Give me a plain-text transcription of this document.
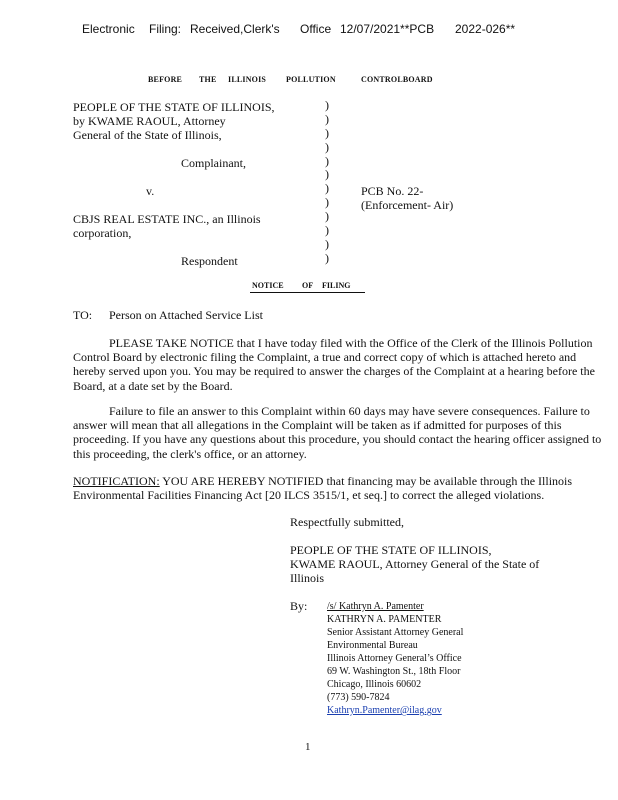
Electronic Filing: Received,Clerk's Office 12/07/2021**PCB 2022-026**
BEFORE THE ILLINOIS POLLUTION	CONTROLBOARD
PEOPLE OF THE STATE OF ILLINOIS,
by KWAME RAOUL, Attorney
General of the State of Illinois,
Complainant,
v.
CBJS REAL ESTATE INC., an Illinois
corporation,
Respondent
PCB No. 22-
(Enforcement- Air)
)
)
)
)
)
)
)
)
)
)
)
)
NOTICE OF FILING
TO: Person on Attached Service List
PLEASE TAKE NOTICE that I have today filed with the Office of the Clerk of the Illinois Pollution Control Board by electronic filing the Complaint, a true and correct copy of which is attached hereto and hereby served upon you. You may be required to answer the charges of the Complaint at a hearing before the Board, at a date set by the Board.
Failure to file an answer to this Complaint within 60 days may have severe consequences. Failure to answer will mean that all allegations in the Complaint will be taken as if admitted for purposes of this proceeding. If you have any questions about this procedure, you should contact the hearing officer assigned to this proceeding, the clerk's office, or an attorney.
NOTIFICATION: YOU ARE HEREBY NOTIFIED that financing may be available through the Illinois Environmental Facilities Financing Act [20 ILCS 3515/1, et seq.] to correct the alleged violations.
Respectfully submitted,
PEOPLE OF THE STATE OF ILLINOIS,
KWAME RAOUL, Attorney General of the State of
Illinois
By: /s/ Kathryn A. Pamenter
KATHRYN A. PAMENTER
Senior Assistant Attorney General
Environmental Bureau
Illinois Attorney General’s Office
69 W. Washington St., 18th Floor
Chicago, Illinois 60602
(773) 590-7824
Kathryn.Pamenter@ilag.gov
1
